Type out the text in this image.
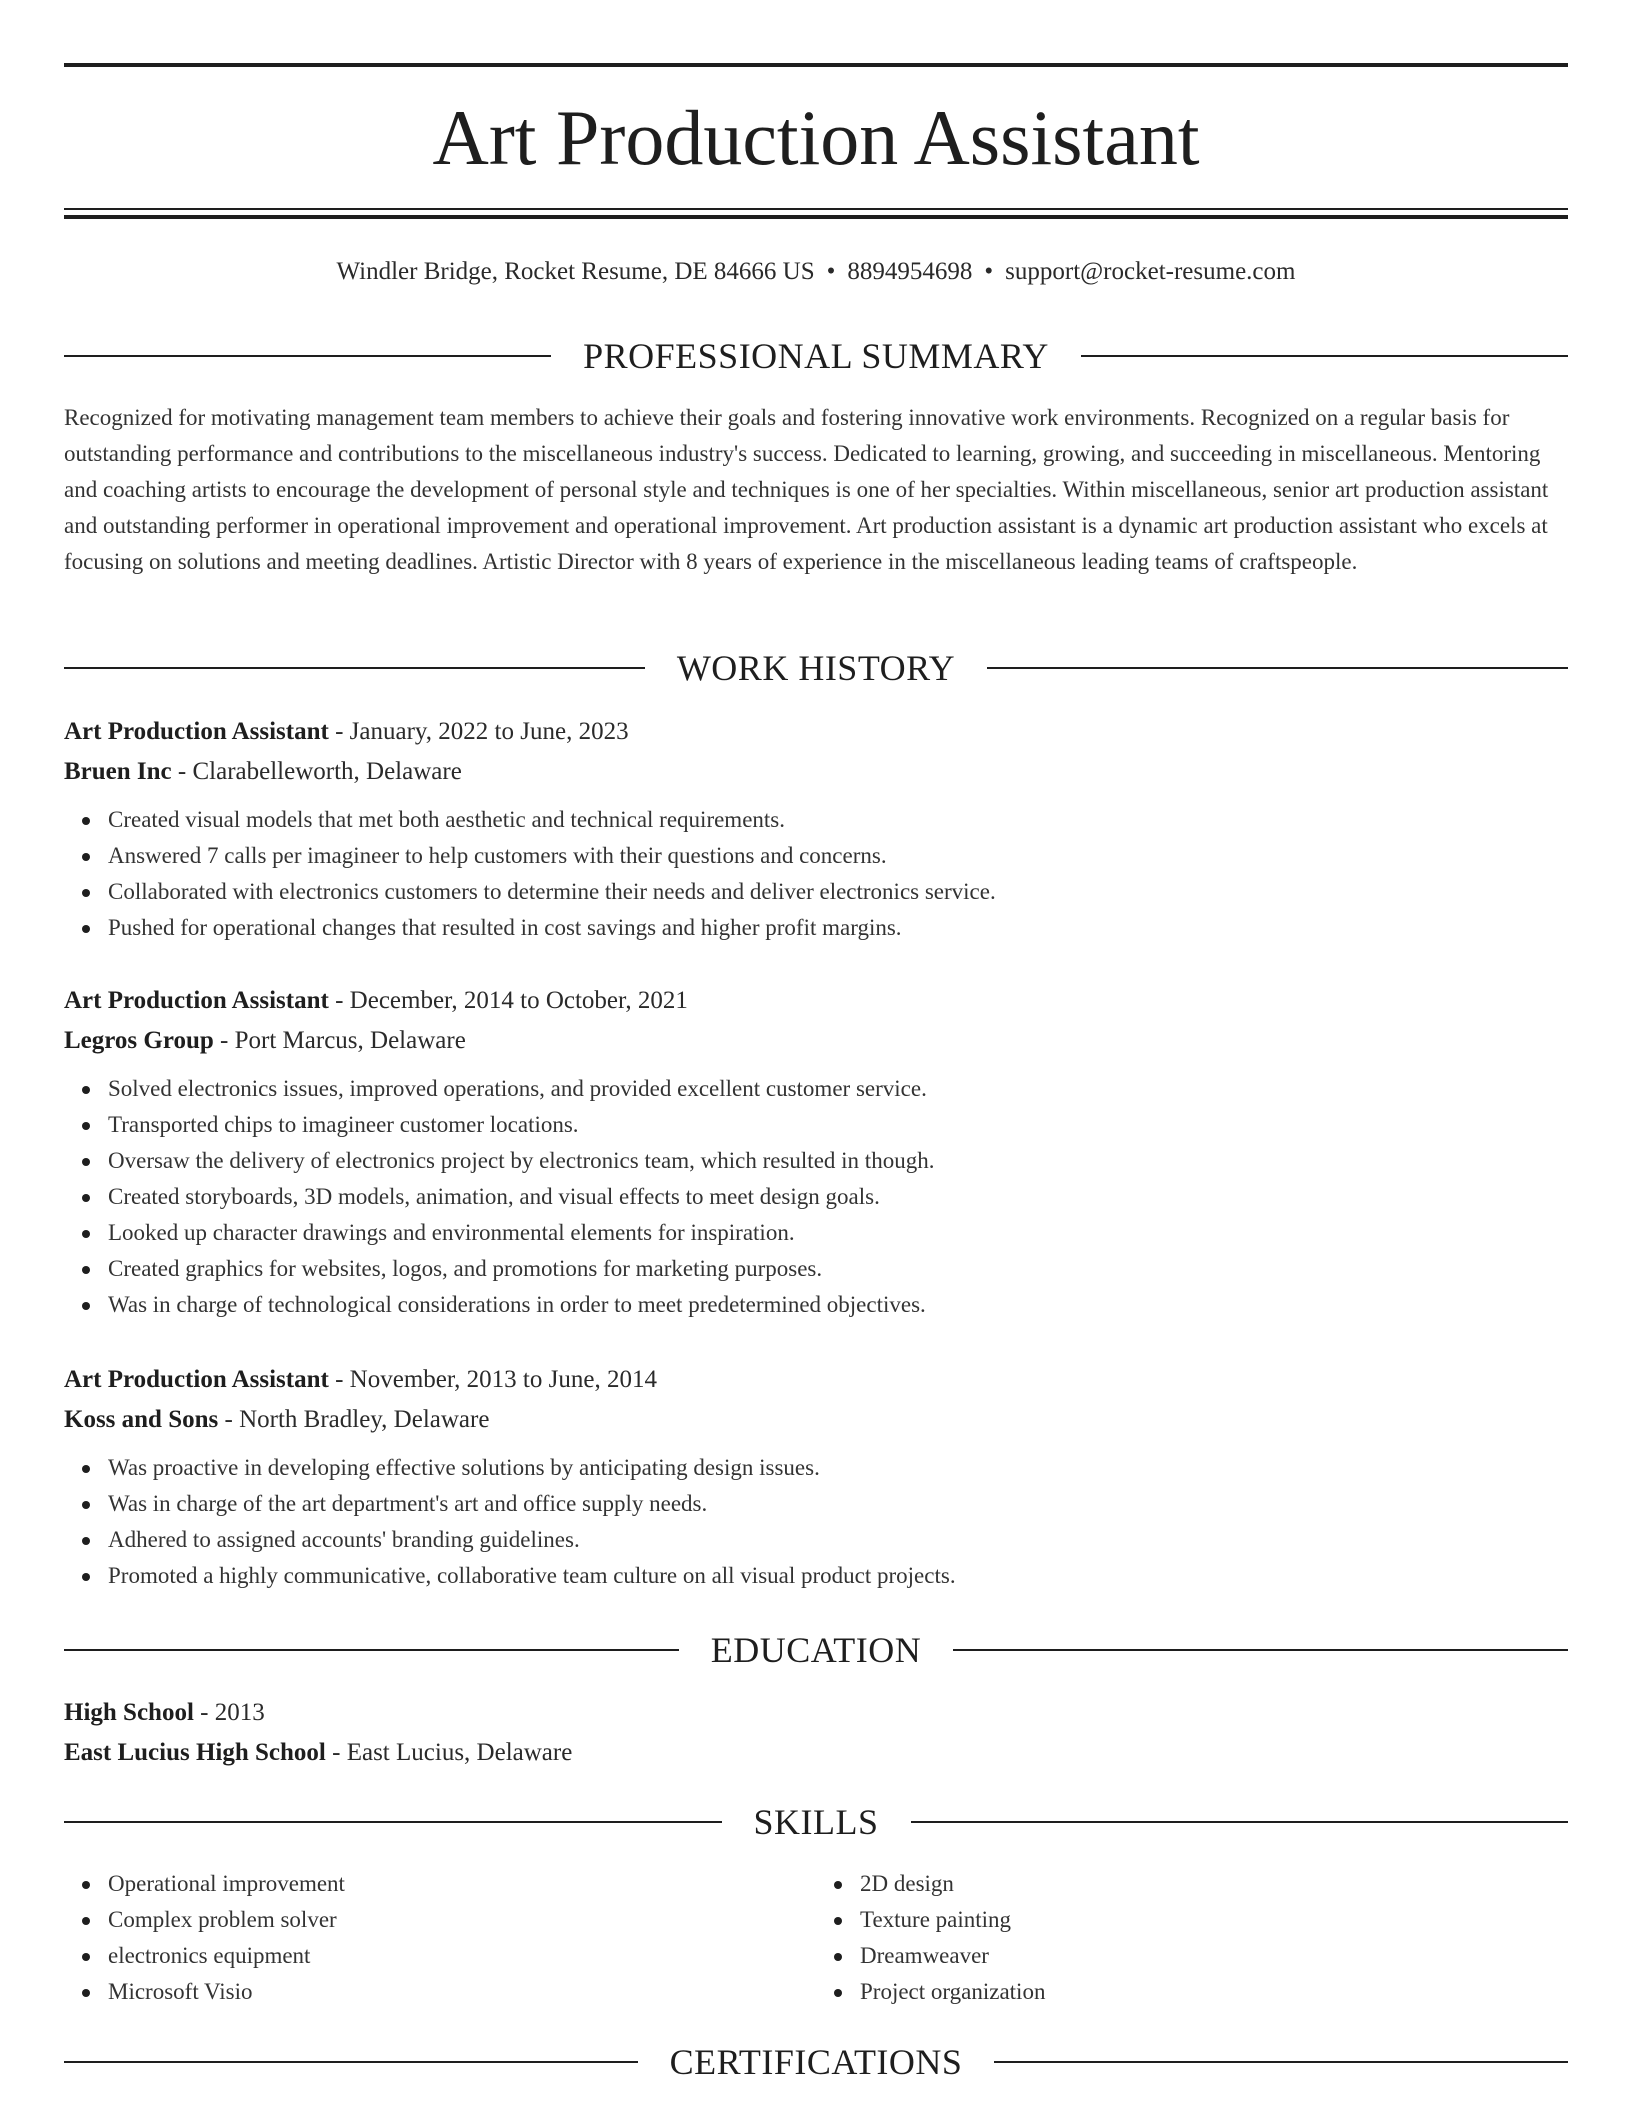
Art Production Assistant
Windler Bridge, Rocket Resume, DE 84666 US • 8894954698 • support@rocket-resume.com
PROFESSIONAL SUMMARY

Recognized for motivating management team members to achieve their goals and fostering innovative work environments. Recognized on a regular basis for outstanding performance and contributions to the miscellaneous industry's success. Dedicated to learning, growing, and succeeding in miscellaneous. Mentoring and coaching artists to encourage the development of personal style and techniques is one of her specialties. Within miscellaneous, senior art production assistant and outstanding performer in operational improvement and operational improvement. Art production assistant is a dynamic art production assistant who excels at focusing on solutions and meeting deadlines. Artistic Director with 8 years of experience in the miscellaneous leading teams of craftspeople.

WORK HISTORY

Art Production Assistant - January, 2022 to June, 2023

Bruen Inc - Clarabelleworth, Delaware

Created visual models that met both aesthetic and technical requirements.
Answered 7 calls per imagineer to help customers with their questions and concerns.
Collaborated with electronics customers to determine their needs and deliver electronics service.
Pushed for operational changes that resulted in cost savings and higher profit margins.

Art Production Assistant - December, 2014 to October, 2021

Legros Group - Port Marcus, Delaware

Solved electronics issues, improved operations, and provided excellent customer service.
Transported chips to imagineer customer locations.
Oversaw the delivery of electronics project by electronics team, which resulted in though.
Created storyboards, 3D models, animation, and visual effects to meet design goals.
Looked up character drawings and environmental elements for inspiration.
Created graphics for websites, logos, and promotions for marketing purposes.
Was in charge of technological considerations in order to meet predetermined objectives.

Art Production Assistant - November, 2013 to June, 2014

Koss and Sons - North Bradley, Delaware

Was proactive in developing effective solutions by anticipating design issues.
Was in charge of the art department's art and office supply needs.
Adhered to assigned accounts' branding guidelines.
Promoted a highly communicative, collaborative team culture on all visual product projects.
EDUCATION

High School - 2013

East Lucius High School - East Lucius, Delaware

SKILLS
Operational improvement
Complex problem solver
electronics equipment
Microsoft Visio
2D design
Texture painting
Dreamweaver
Project organization
CERTIFICATIONS
